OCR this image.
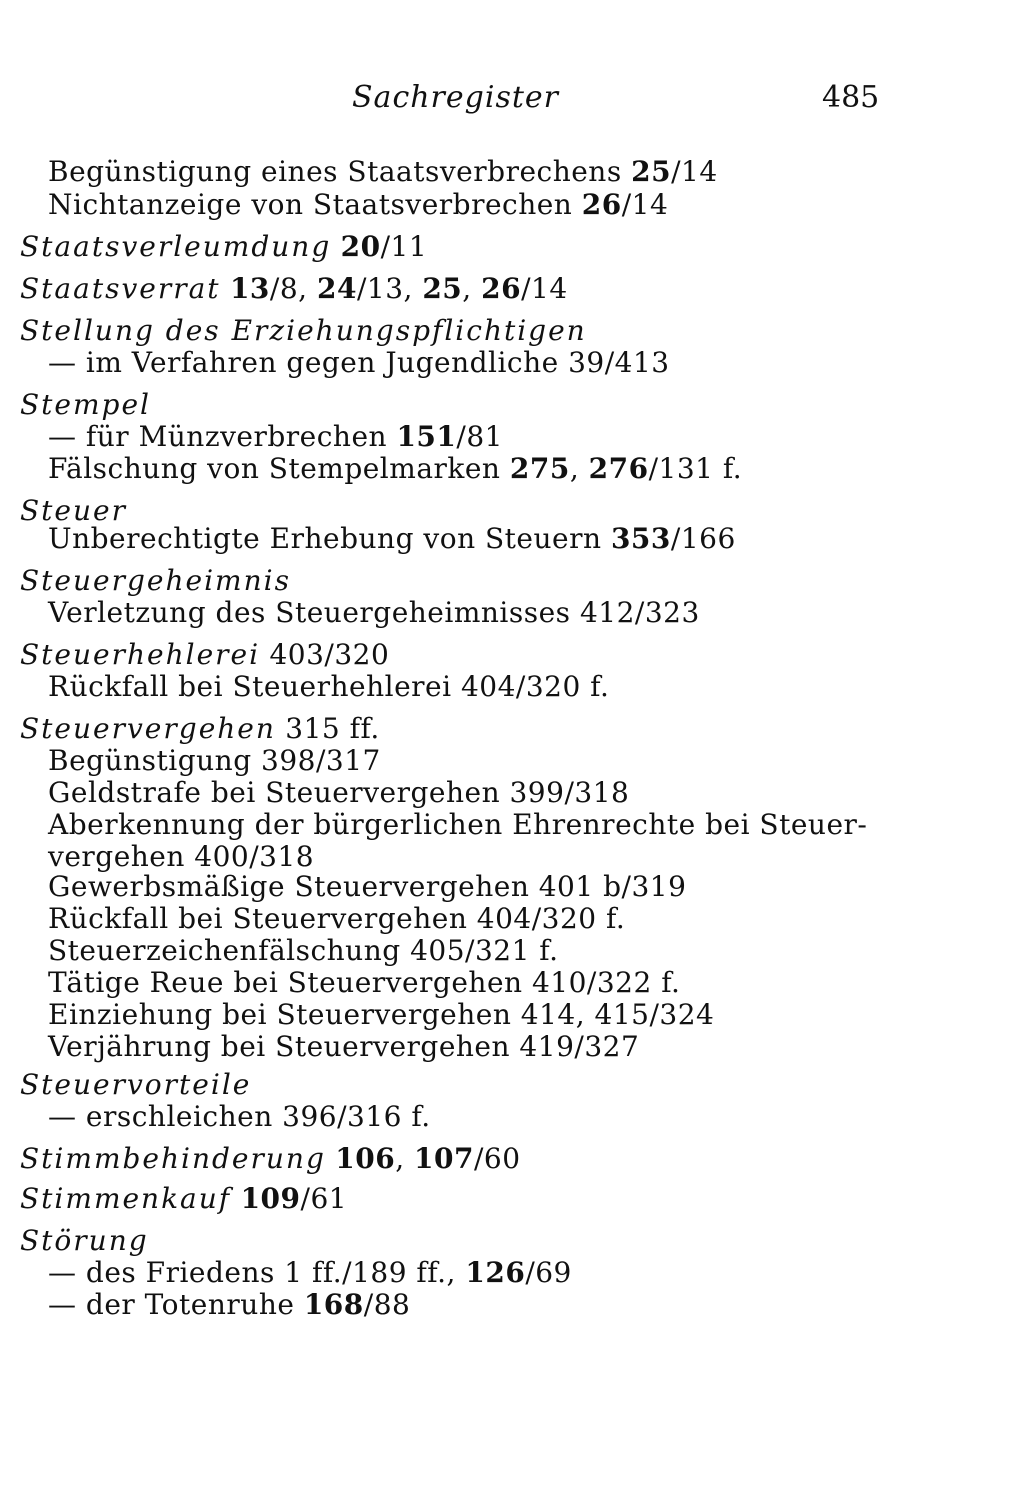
Sachregister	485
Begünstigung eines Staatsverbrechens 25/14
Nichtanzeige von Staatsverbrechen 26/14
Staatsverleumdung 20/11
Staatsverrat 13/8, 24/13, 25, 26/14
Stellung des Erziehungspflichtigen
— im Verfahren gegen Jugendliche 39/413
Stempel
— für Münzverbrechen 151/81
Fälschung von Stempelmarken 275, 276/131 f.
Steuer
Unberechtigte Erhebung von Steuern 353/166
Steuergeheimnis
Verletzung des Steuergeheimnisses 412/323
Steuerhehlerei 403/320
Rückfall bei Steuerhehlerei 404/320 f.
Steuervergehen 315 ff.
Begünstigung 398/317
Geldstrafe bei Steuervergehen 399/318
Aberkennung der bürgerlichen Ehrenrechte bei Steuer-
vergehen 400/318
Gewerbsmäßige Steuervergehen 401 b/319
Rückfall bei Steuervergehen 404/320 f.
Steuerzeichenfälschung 405/321 f.
Tätige Reue bei Steuervergehen 410/322 f.
Einziehung bei Steuervergehen 414, 415/324
Verjährung bei Steuervergehen 419/327
Steuervorteile
— erschleichen 396/316 f.
Stimmbehinderung 106, 107/60
Stimmenkauf 109/61
Störung
— des Friedens 1 ff./189 ff., 126/69
— der Totenruhe 168/88
